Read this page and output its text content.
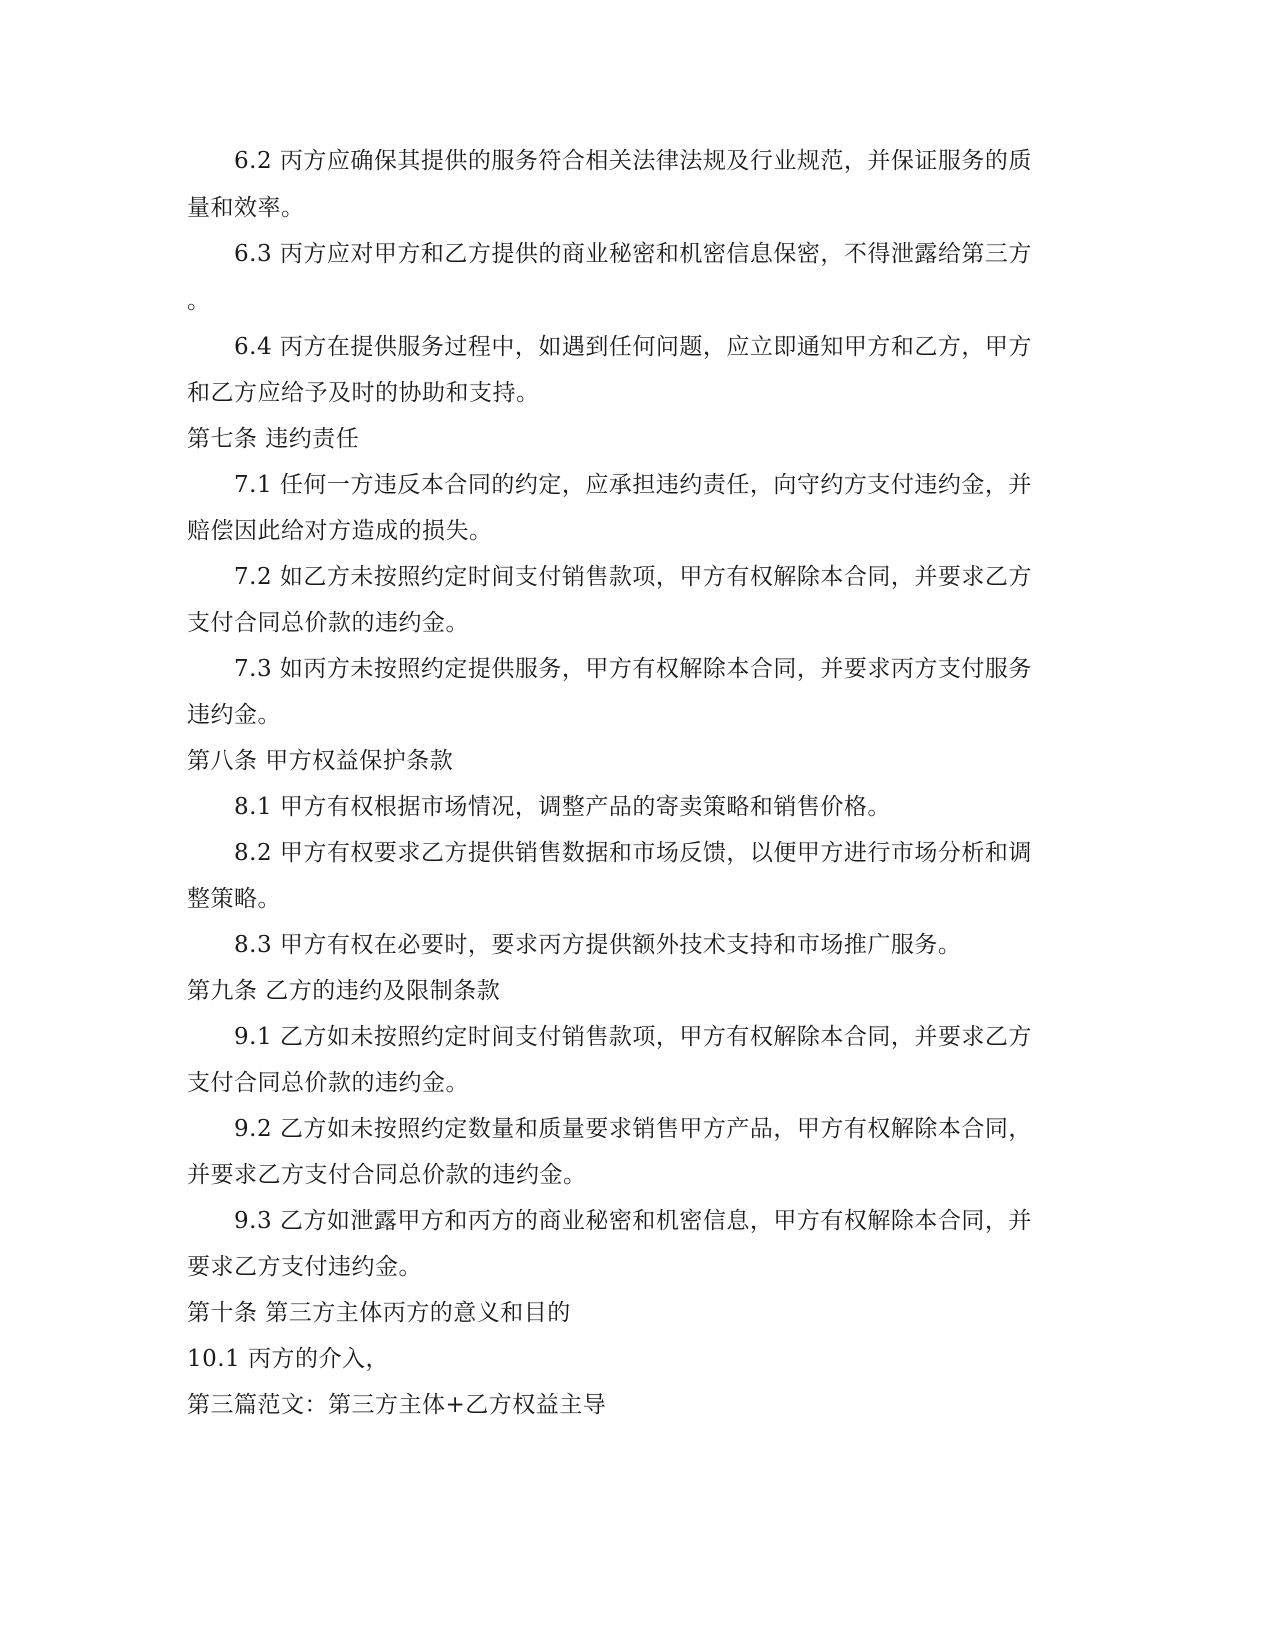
6.2 丙方应确保其提供的服务符合相关法律法规及行业规范，并保证服务的质
量和效率。
6.3 丙方应对甲方和乙方提供的商业秘密和机密信息保密，不得泄露给第三方
。
6.4 丙方在提供服务过程中，如遇到任何问题，应立即通知甲方和乙方，甲方
和乙方应给予及时的协助和支持。
第七条 违约责任
7.1 任何一方违反本合同的约定，应承担违约责任，向守约方支付违约金，并
赔偿因此给对方造成的损失。
7.2 如乙方未按照约定时间支付销售款项，甲方有权解除本合同，并要求乙方
支付合同总价款的违约金。
7.3 如丙方未按照约定提供服务，甲方有权解除本合同，并要求丙方支付服务
违约金。
第八条 甲方权益保护条款
8.1 甲方有权根据市场情况，调整产品的寄卖策略和销售价格。
8.2 甲方有权要求乙方提供销售数据和市场反馈，以便甲方进行市场分析和调
整策略。
8.3 甲方有权在必要时，要求丙方提供额外技术支持和市场推广服务。
第九条 乙方的违约及限制条款
9.1 乙方如未按照约定时间支付销售款项，甲方有权解除本合同，并要求乙方
支付合同总价款的违约金。
9.2 乙方如未按照约定数量和质量要求销售甲方产品，甲方有权解除本合同，
并要求乙方支付合同总价款的违约金。
9.3 乙方如泄露甲方和丙方的商业秘密和机密信息，甲方有权解除本合同，并
要求乙方支付违约金。
第十条 第三方主体丙方的意义和目的
10.1 丙方的介入，
第三篇范文：第三方主体+乙方权益主导
